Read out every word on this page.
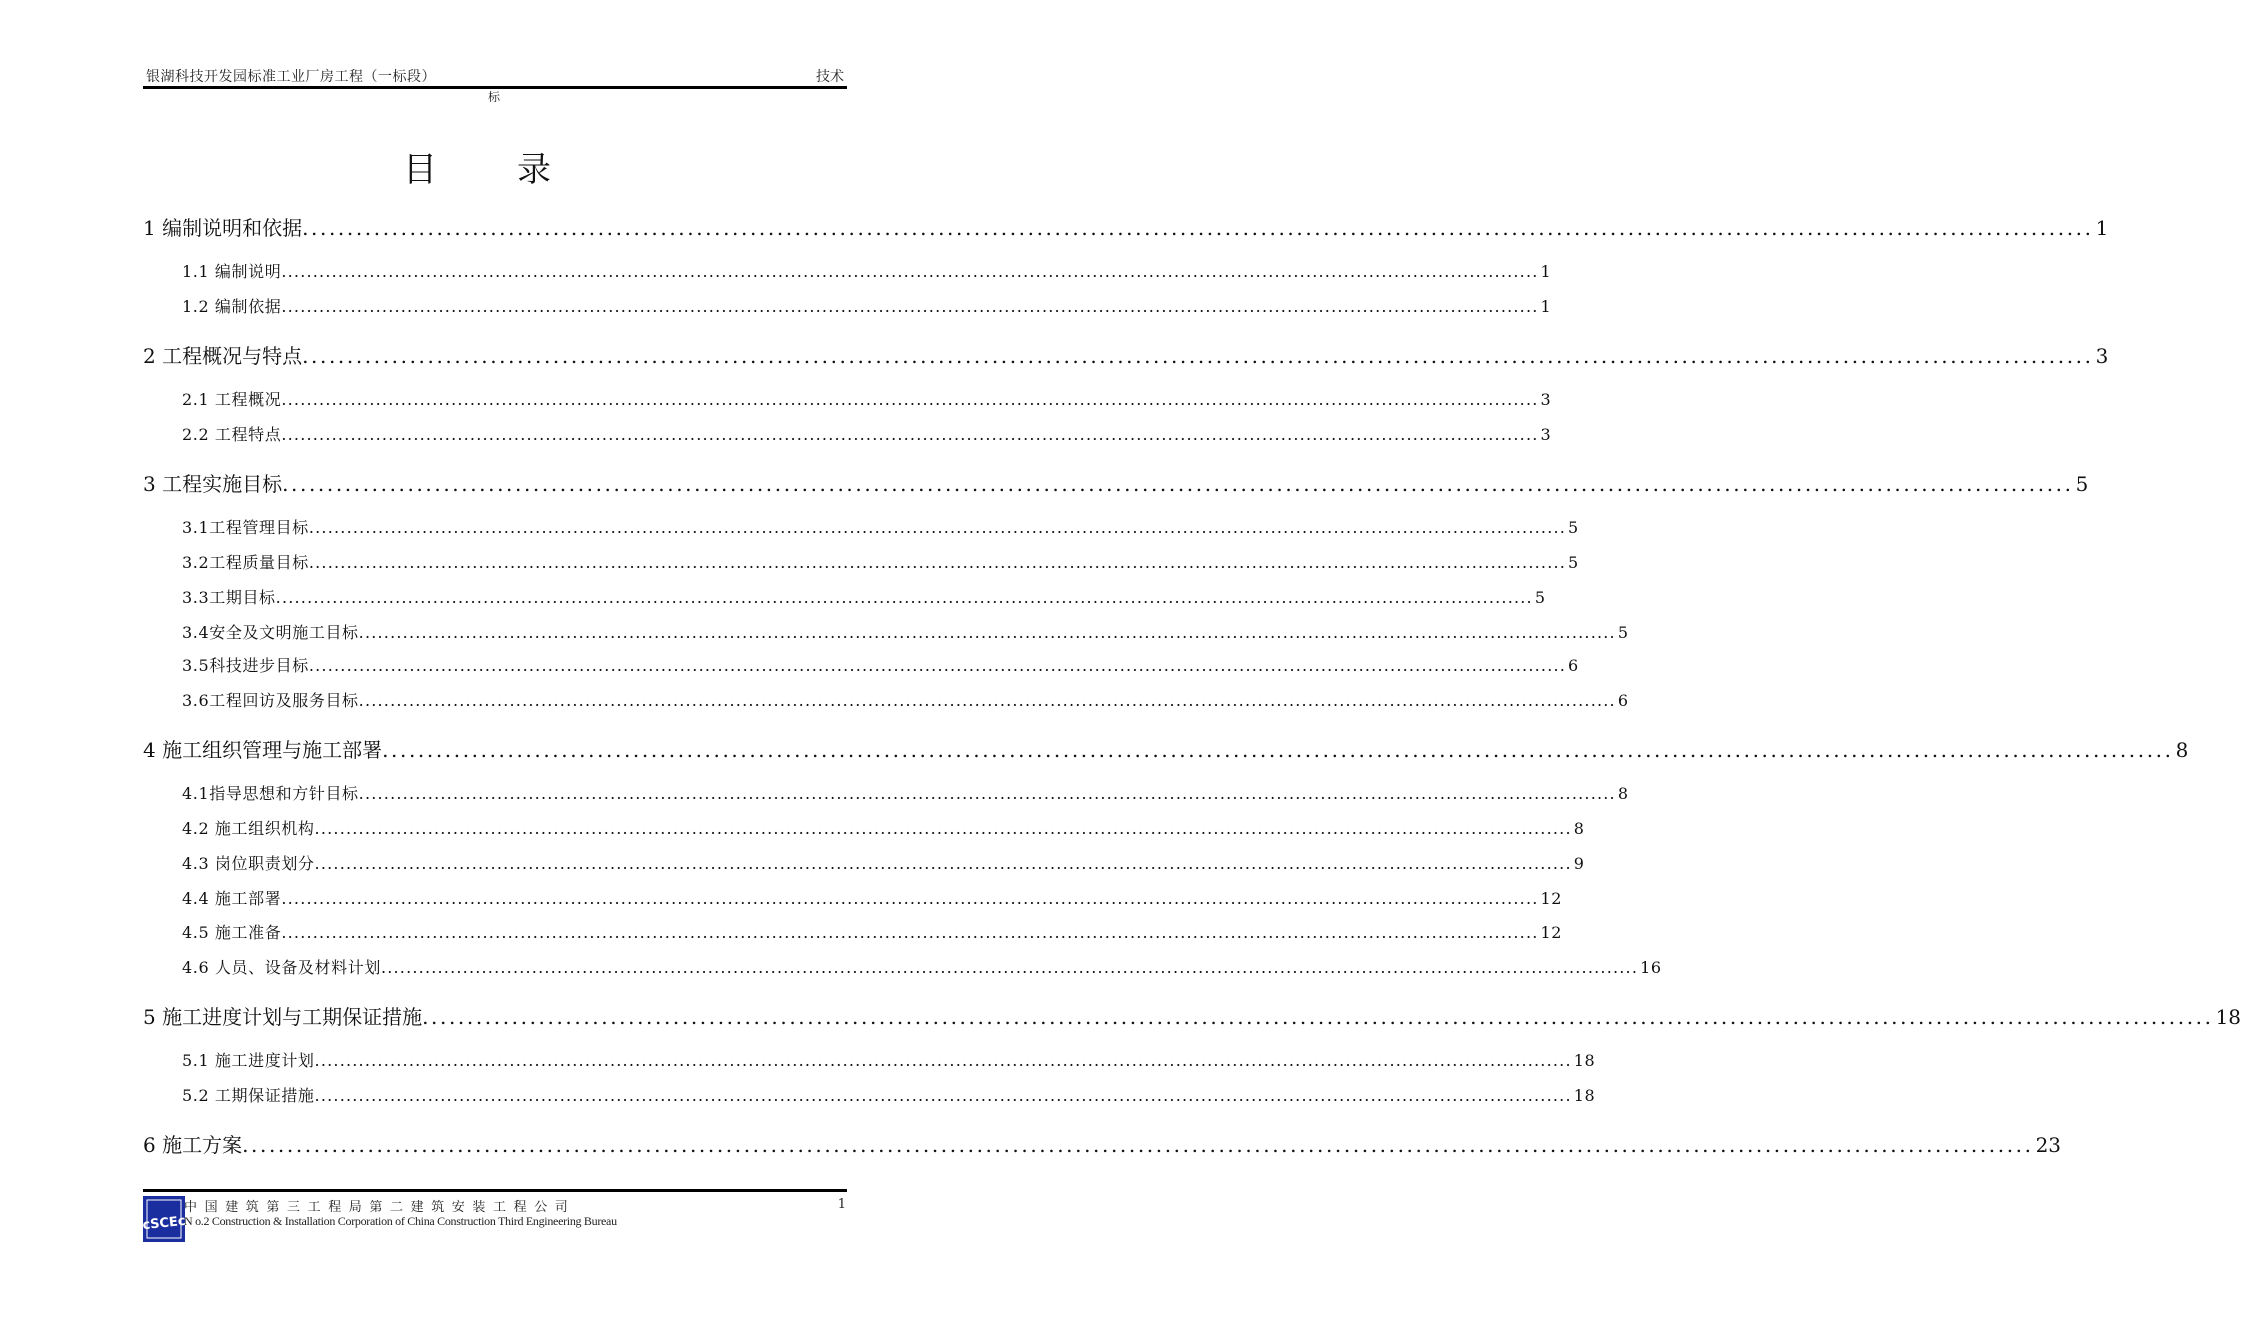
银湖科技开发园标准工业厂房工程（一标段）	技术
标
目录
1 编制说明和依据 ........................................................................................................................................................................................................ 1
1.1 编制说明 ........................................................................................................................................................................................................ 1
1.2 编制依据 ........................................................................................................................................................................................................ 1
2 工程概况与特点 ........................................................................................................................................................................................................ 3
2.1 工程概况 ........................................................................................................................................................................................................ 3
2.2 工程特点 ........................................................................................................................................................................................................ 3
3 工程实施目标 ........................................................................................................................................................................................................ 5
3.1工程管理目标 ........................................................................................................................................................................................................ 5
3.2工程质量目标 ........................................................................................................................................................................................................ 5
3.3工期目标 ........................................................................................................................................................................................................ 5
3.4安全及文明施工目标 ........................................................................................................................................................................................................ 5
3.5科技进步目标 ........................................................................................................................................................................................................ 6
3.6工程回访及服务目标 ........................................................................................................................................................................................................ 6
4 施工组织管理与施工部署 ........................................................................................................................................................................................................ 8
4.1指导思想和方针目标 ........................................................................................................................................................................................................ 8
4.2 施工组织机构 ........................................................................................................................................................................................................ 8
4.3 岗位职责划分 ........................................................................................................................................................................................................ 9
4.4 施工部署 ........................................................................................................................................................................................................ 12
4.5 施工准备 ........................................................................................................................................................................................................ 12
4.6 人员、设备及材料计划 ........................................................................................................................................................................................................ 16
5 施工进度计划与工期保证措施 ........................................................................................................................................................................................................ 18
5.1 施工进度计划 ........................................................................................................................................................................................................ 18
5.2 工期保证措施 ........................................................................................................................................................................................................ 18
6 施工方案 ........................................................................................................................................................................................................ 23
cSCEc
中国建筑第三工程局第二建筑安装工程公司
N o.2 Construction & Installation Corporation of China Construction Third Engineering Bureau
1
